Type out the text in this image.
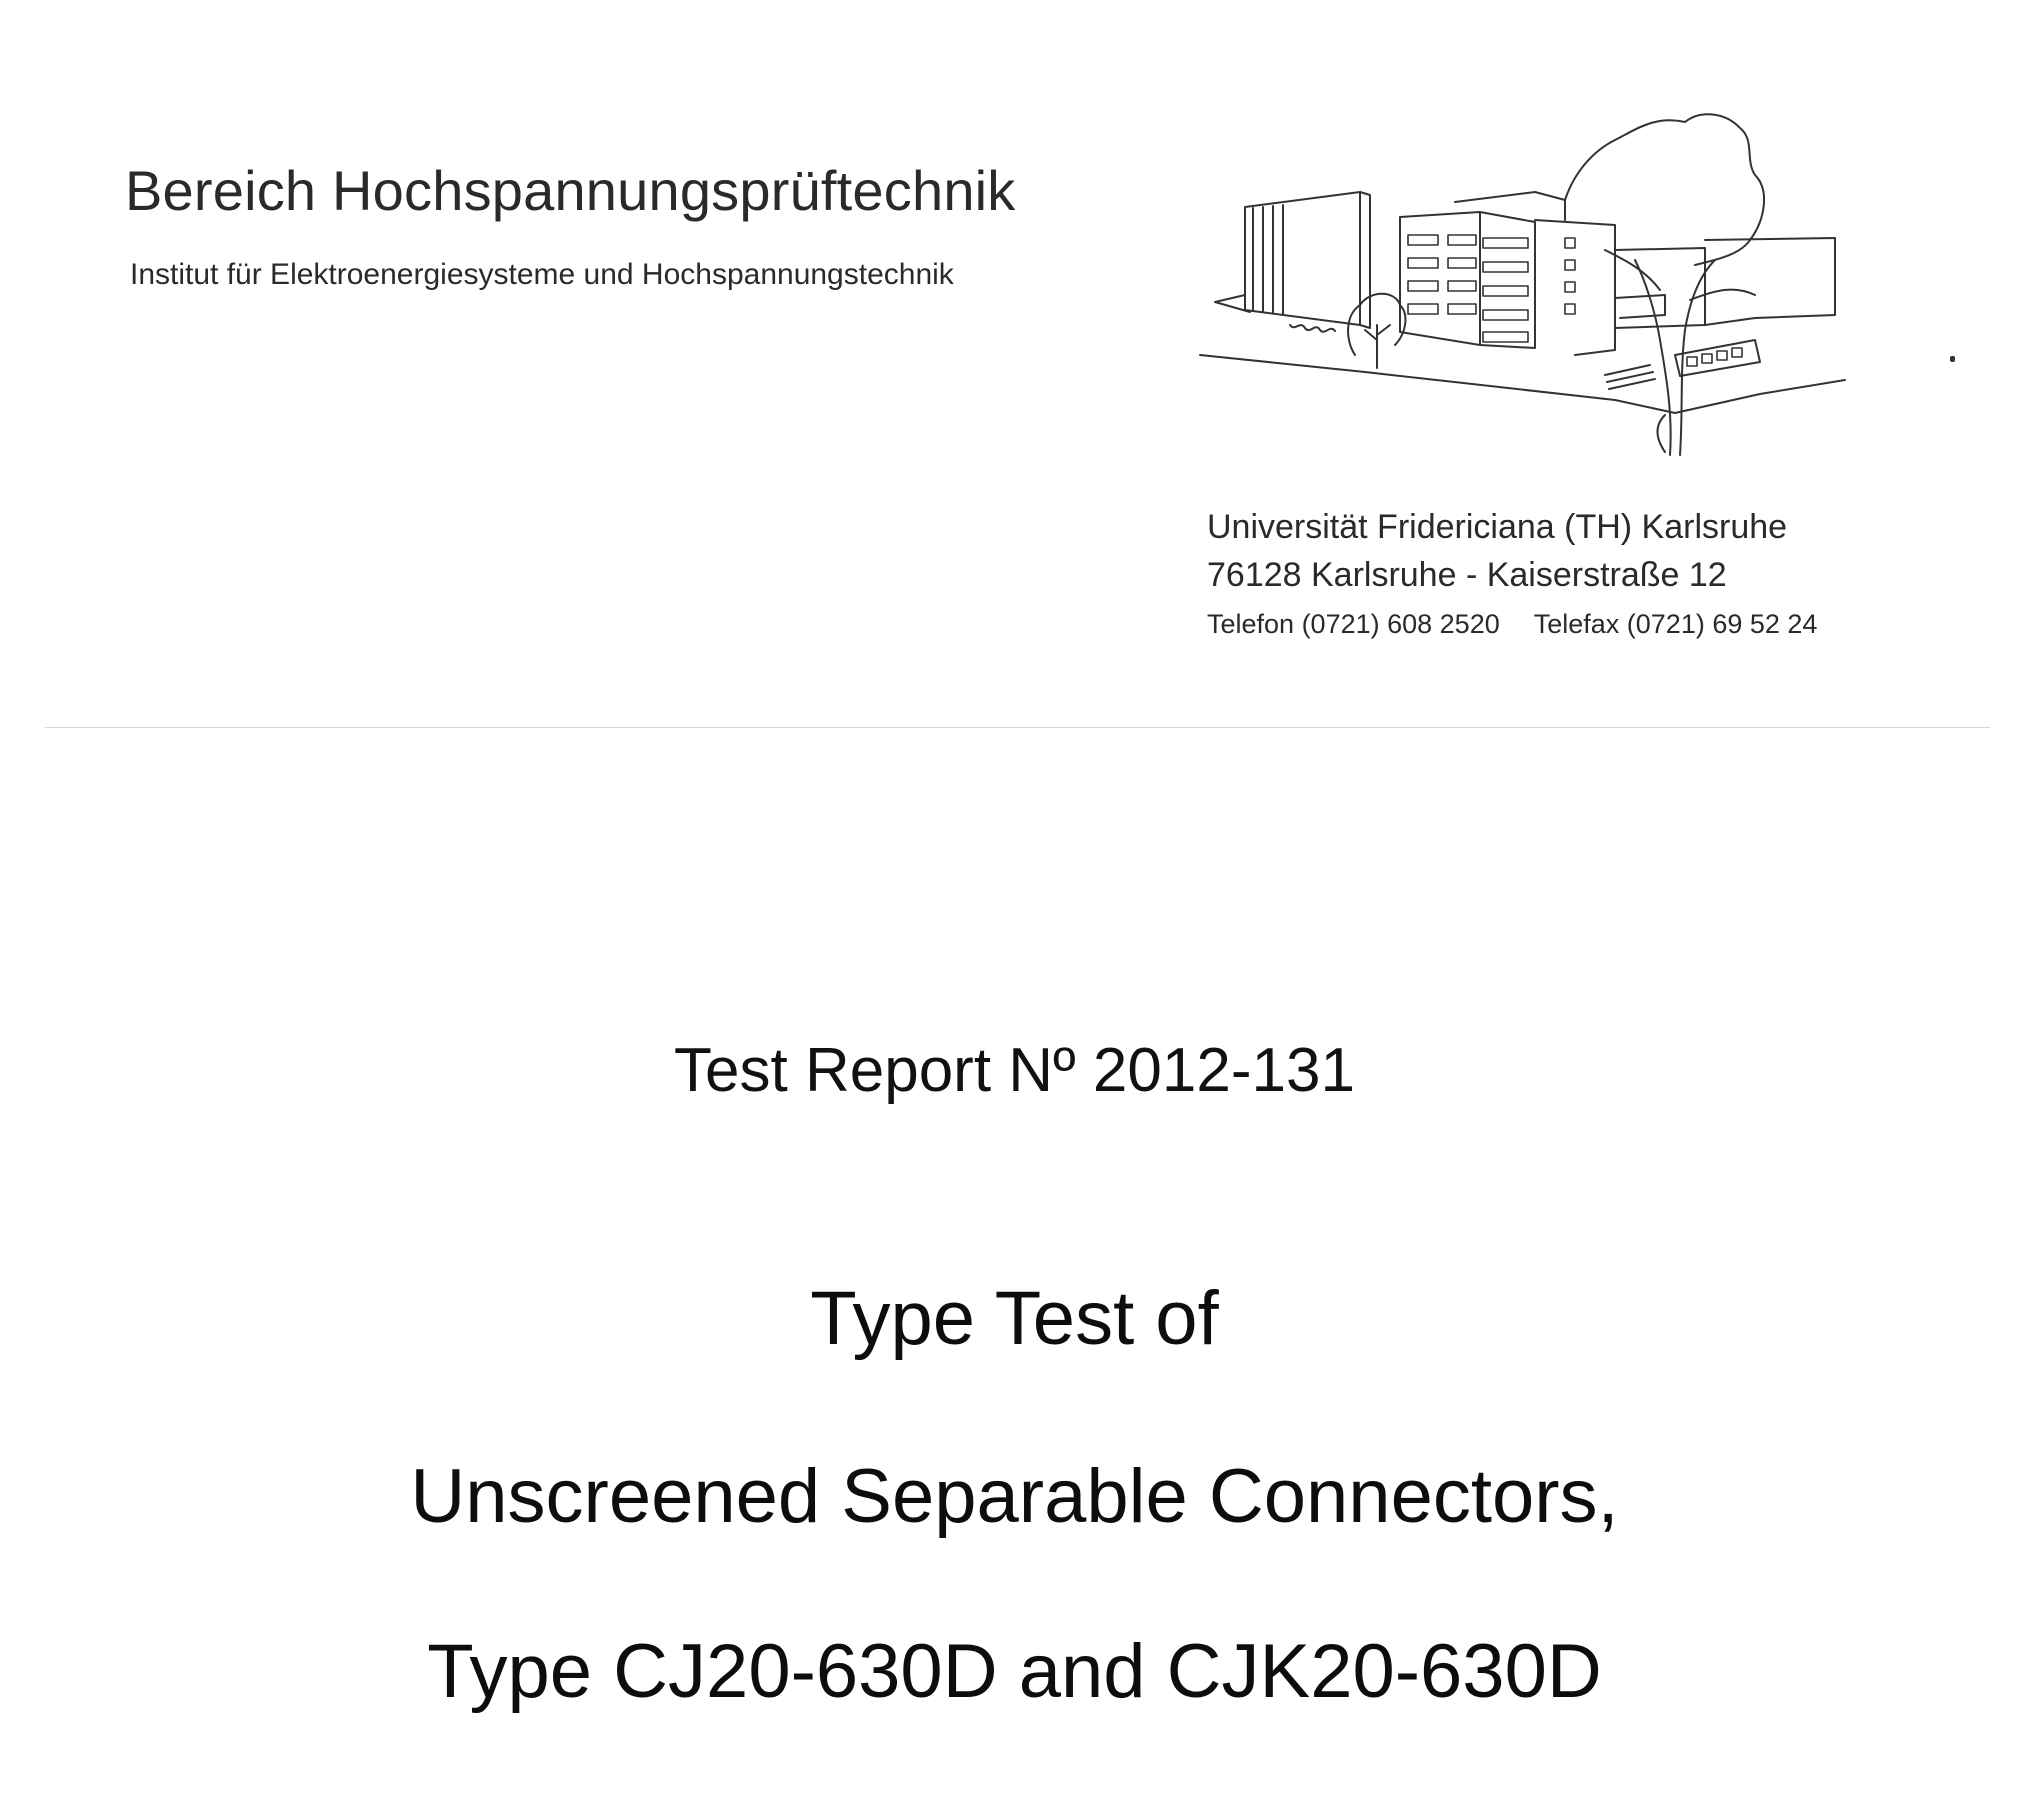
Bereich Hochspannungsprüftechnik
Institut für Elektroenergiesysteme und Hochspannungstechnik
Universität Fridericiana (TH) Karlsruhe
76128 Karlsruhe - Kaiserstraße 12
Telefon (0721) 608 2520 Telefax (0721) 69 52 24
Test Report Nº 2012-131
Type Test of
Unscreened Separable Connectors,
Type CJ20-630D and CJK20-630D
